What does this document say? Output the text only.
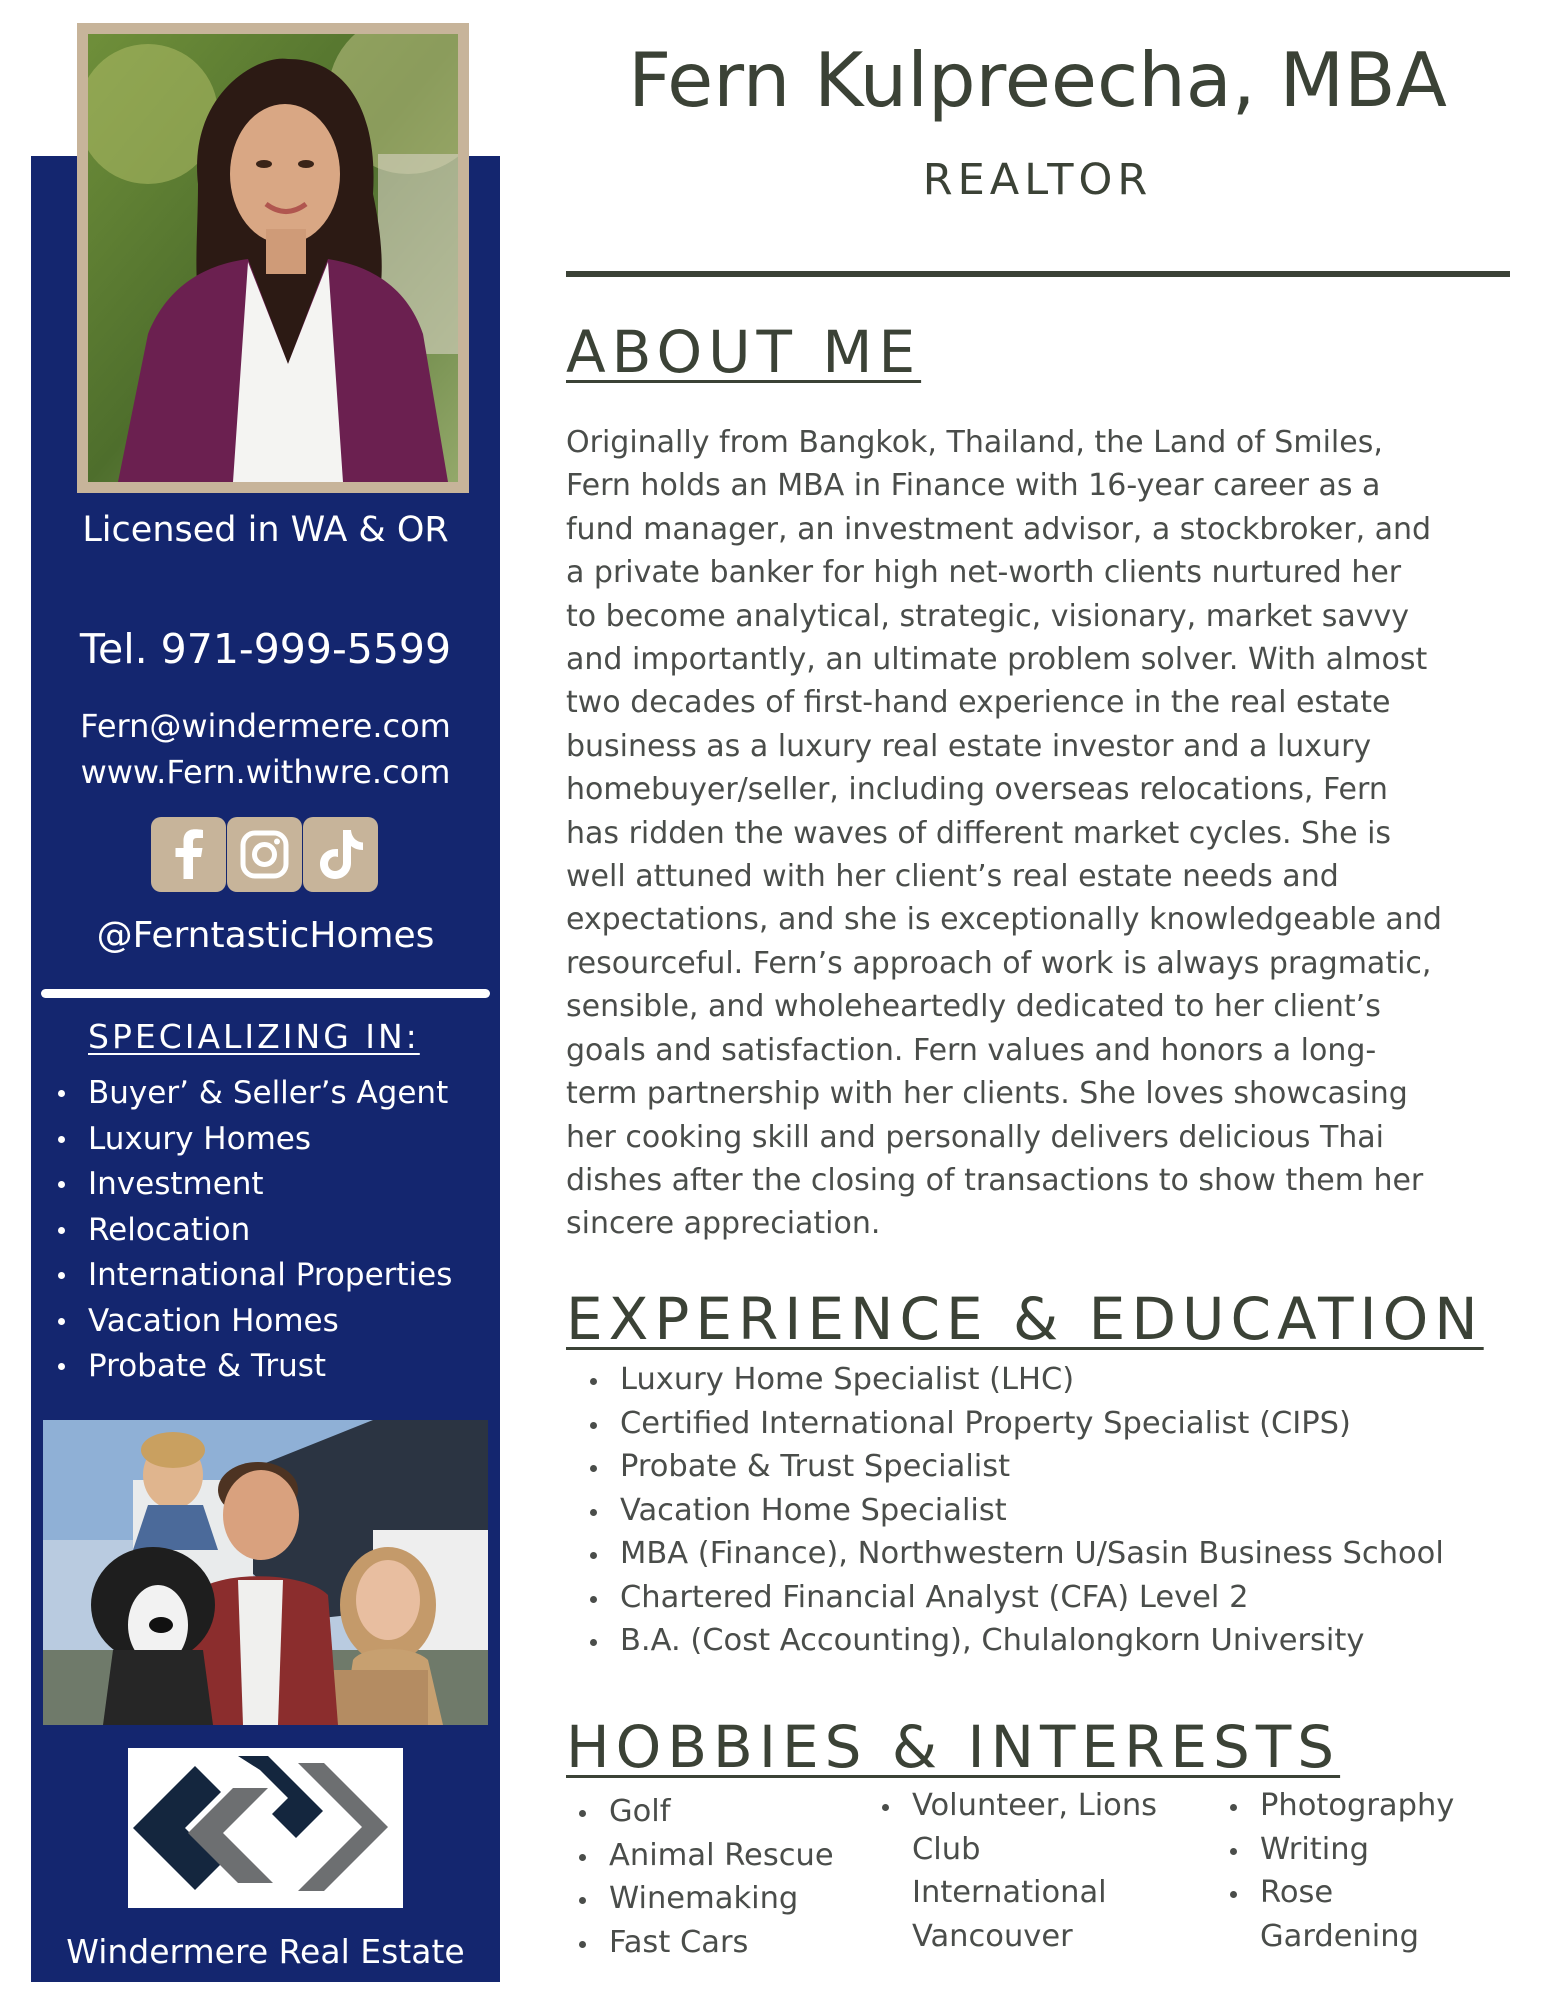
Licensed in WA & OR
Tel. 971-999-5599
Fern@windermere.com
www.Fern.withwre.com
@FerntasticHomes
SPECIALIZING IN:
Buyer’ & Seller’s Agent
Luxury Homes
Investment
Relocation
International Properties
Vacation Homes
Probate & Trust
Windermere Real Estate
Fern Kulpreecha, MBA
REALTOR
ABOUT ME
Originally from Bangkok, Thailand, the Land of Smiles,
Fern holds an MBA in Finance with 16-year career as a
fund manager, an investment advisor, a stockbroker, and
a private banker for high net-worth clients nurtured her
to become analytical, strategic, visionary, market savvy
and importantly, an ultimate problem solver. With almost
two decades of first-hand experience in the real estate
business as a luxury real estate investor and a luxury
homebuyer/seller, including overseas relocations, Fern
has ridden the waves of different market cycles. She is
well attuned with her client’s real estate needs and
expectations, and she is exceptionally knowledgeable and
resourceful. Fern’s approach of work is always pragmatic,
sensible, and wholeheartedly dedicated to her client’s
goals and satisfaction. Fern values and honors a long-
term partnership with her clients. She loves showcasing
her cooking skill and personally delivers delicious Thai
dishes after the closing of transactions to show them her
sincere appreciation.
EXPERIENCE & EDUCATION
Luxury Home Specialist (LHC)
Certified International Property Specialist (CIPS)
Probate & Trust Specialist
Vacation Home Specialist
MBA (Finance), Northwestern U/Sasin Business School
Chartered Financial Analyst (CFA) Level 2
B.A. (Cost Accounting), Chulalongkorn University
HOBBIES & INTERESTS
Golf
Animal Rescue
Winemaking
Fast Cars
Volunteer, Lions
Club
International
Vancouver
Photography
Writing
Rose
Gardening
